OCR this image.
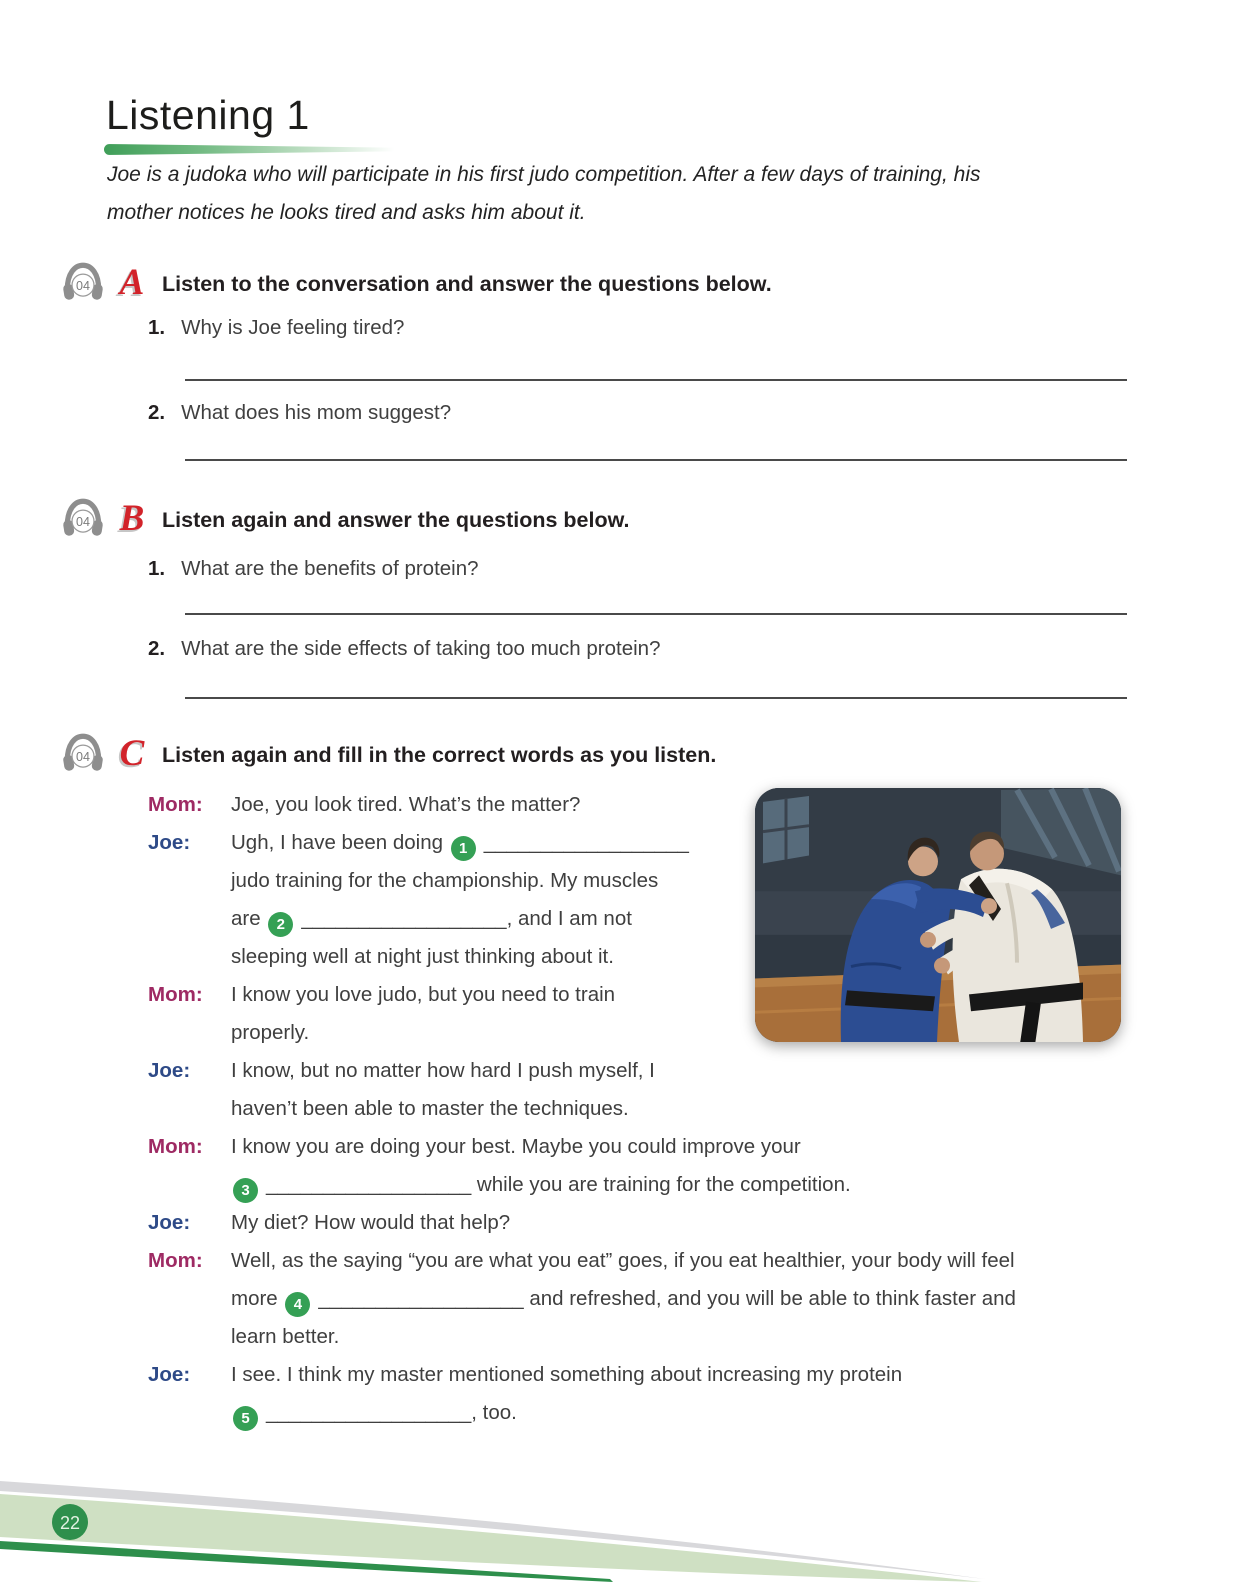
Listening 1
Joe is a judoka who will participate in his first judo competition. After a few days of training, his
mother notices he looks tired and asks him about it.
04 A Listen to the conversation and answer the questions below.
04 B Listen again and answer the questions below.
04 C Listen again and fill in the correct words as you listen.
1. Why is Joe feeling tired?
2. What does his mom suggest?
1. What are the benefits of protein?
2. What are the side effects of taking too much protein?
Mom: Joe, you look tired. What’s the matter?
Joe: Ugh, I have been doing 1 __________________
judo training for the championship. My muscles
are 2 __________________, and I am not
sleeping well at night just thinking about it.
Mom: I know you love judo, but you need to train
properly.
Joe: I know, but no matter how hard I push myself, I
haven’t been able to master the techniques.
Mom: I know you are doing your best. Maybe you could improve your
3 __________________ while you are training for the competition.
Joe: My diet? How would that help?
Mom: Well, as the saying “you are what you eat” goes, if you eat healthier, your body will feel
more 4 __________________ and refreshed, and you will be able to think faster and
learn better.
Joe: I see. I think my master mentioned something about increasing my protein
5 __________________, too.
22
